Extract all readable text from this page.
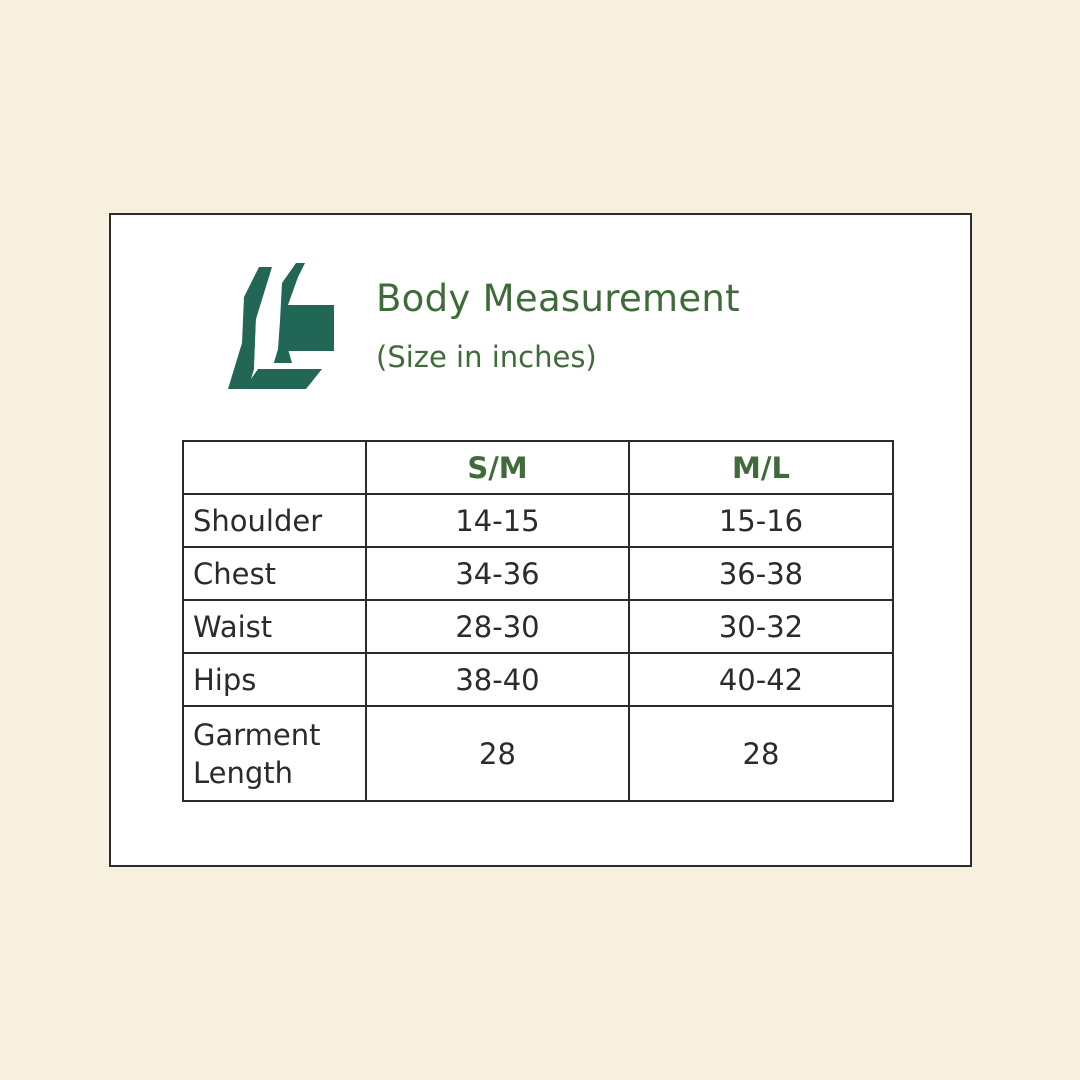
Body Measurement
(Size in inches)
	S/M	M/L
Shoulder	14-15	15-16
Chest	34-36	36-38
Waist	28-30	30-32
Hips	38-40	40-42
Garment Length	28	28
